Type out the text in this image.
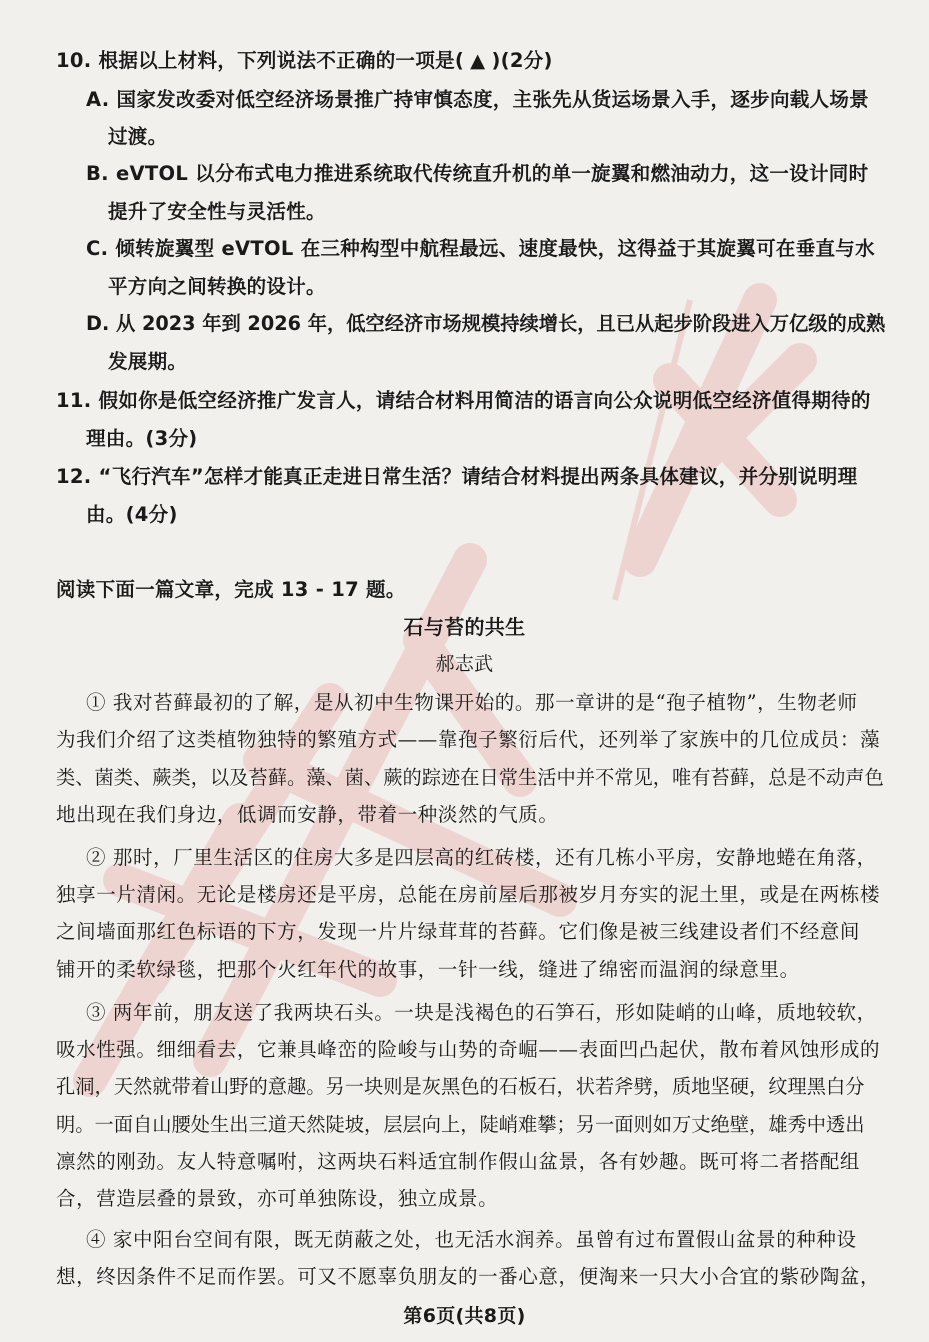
10. 根据以上材料，下列说法不正确的一项是( ▲ )(2分)
A. 国家发改委对低空经济场景推广持审慎态度，主张先从货运场景入手，逐步向载人场景
过渡。
B. eVTOL 以分布式电力推进系统取代传统直升机的单一旋翼和燃油动力，这一设计同时
提升了安全性与灵活性。
C. 倾转旋翼型 eVTOL 在三种构型中航程最远、速度最快，这得益于其旋翼可在垂直与水
平方向之间转换的设计。
D. 从 2023 年到 2026 年，低空经济市场规模持续增长，且已从起步阶段进入万亿级的成熟
发展期。
11. 假如你是低空经济推广发言人，请结合材料用简洁的语言向公众说明低空经济值得期待的
理由。(3分)
12. “飞行汽车”怎样才能真正走进日常生活？请结合材料提出两条具体建议，并分别说明理
由。(4分)
阅读下面一篇文章，完成 13 - 17 题。
石与苔的共生
郝志武
① 我对苔藓最初的了解，是从初中生物课开始的。那一章讲的是“孢子植物”，生物老师
为我们介绍了这类植物独特的繁殖方式——靠孢子繁衍后代，还列举了家族中的几位成员：藻
类、菌类、蕨类，以及苔藓。藻、菌、蕨的踪迹在日常生活中并不常见，唯有苔藓，总是不动声色
地出现在我们身边，低调而安静，带着一种淡然的气质。
② 那时，厂里生活区的住房大多是四层高的红砖楼，还有几栋小平房，安静地蜷在角落，
独享一片清闲。无论是楼房还是平房，总能在房前屋后那被岁月夯实的泥土里，或是在两栋楼
之间墙面那红色标语的下方，发现一片片绿茸茸的苔藓。它们像是被三线建设者们不经意间
铺开的柔软绿毯，把那个火红年代的故事，一针一线，缝进了绵密而温润的绿意里。
③ 两年前，朋友送了我两块石头。一块是浅褐色的石笋石，形如陡峭的山峰，质地较软，
吸水性强。细细看去，它兼具峰峦的险峻与山势的奇崛——表面凹凸起伏，散布着风蚀形成的
孔洞，天然就带着山野的意趣。另一块则是灰黑色的石板石，状若斧劈，质地坚硬，纹理黑白分
明。一面自山腰处生出三道天然陡坡，层层向上，陡峭难攀；另一面则如万丈绝壁，雄秀中透出
凛然的刚劲。友人特意嘱咐，这两块石料适宜制作假山盆景，各有妙趣。既可将二者搭配组
合，营造层叠的景致，亦可单独陈设，独立成景。
④ 家中阳台空间有限，既无荫蔽之处，也无活水润养。虽曾有过布置假山盆景的种种设
想，终因条件不足而作罢。可又不愿辜负朋友的一番心意，便淘来一只大小合宜的紫砂陶盆，
第6页(共8页)
